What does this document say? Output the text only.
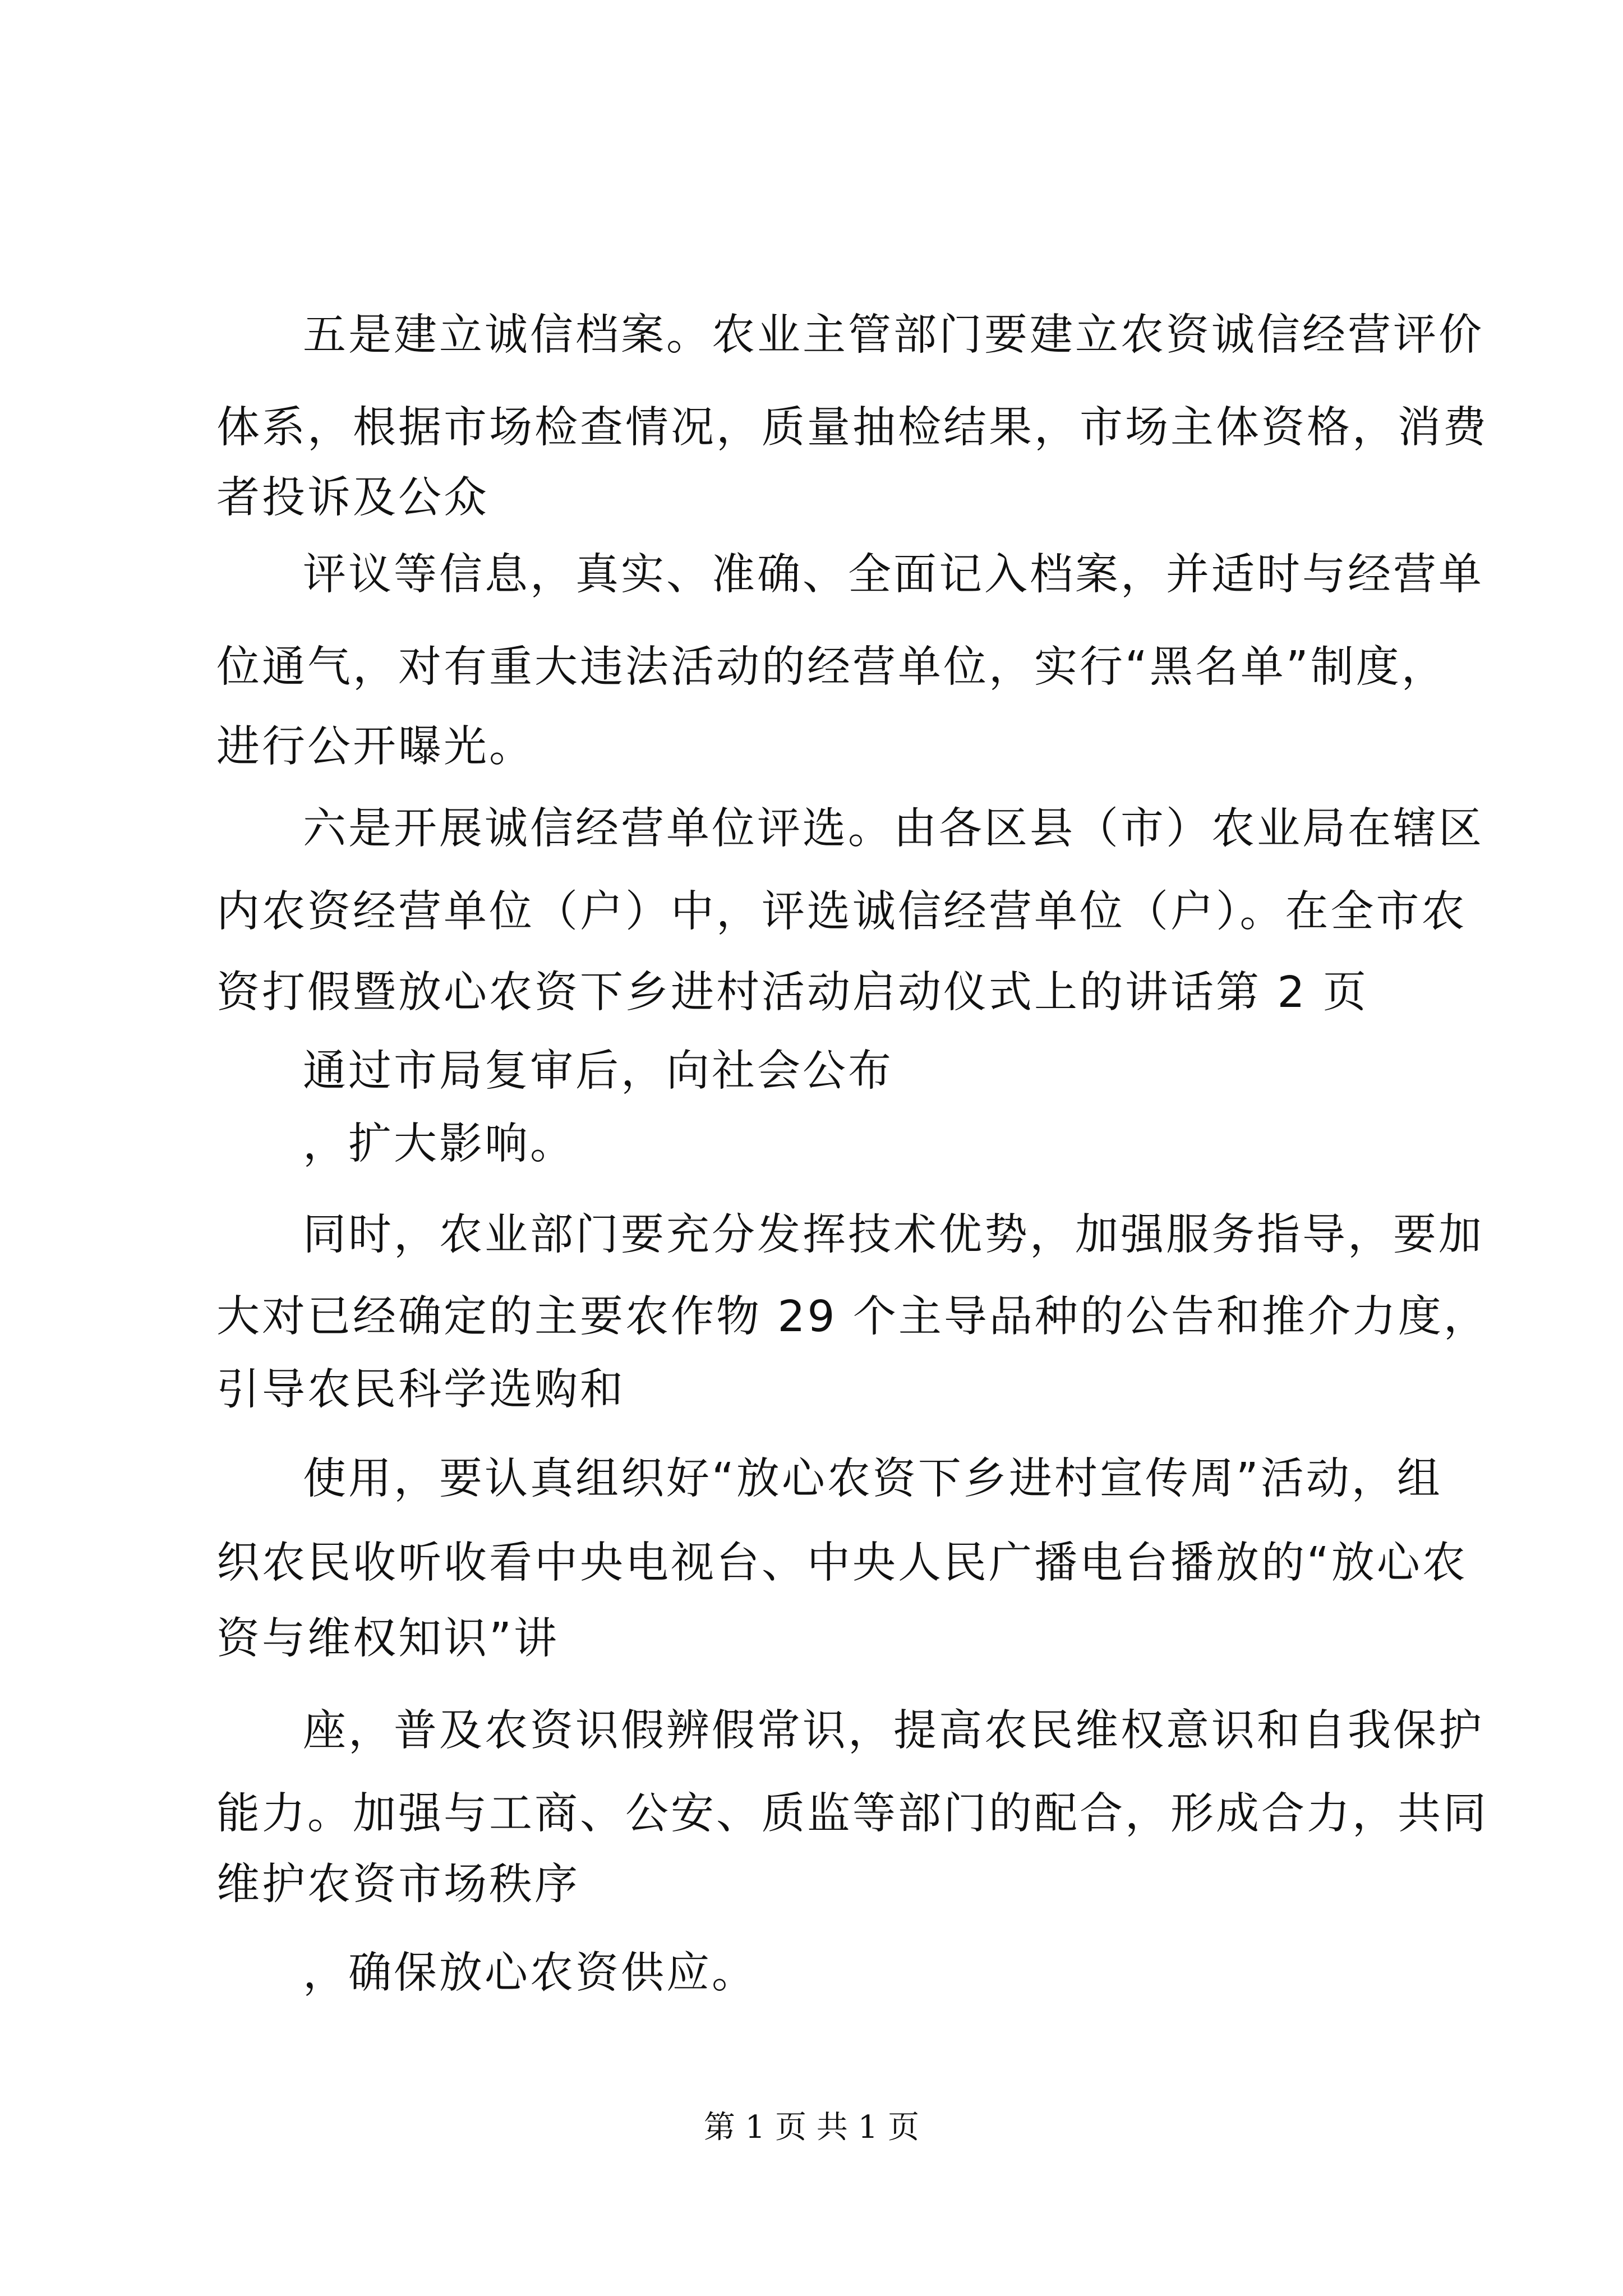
五是建立诚信档案。农业主管部门要建立农资诚信经营评价
体系，根据市场检查情况，质量抽检结果，市场主体资格，消费
者投诉及公众
评议等信息，真实、准确、全面记入档案，并适时与经营单
位通气，对有重大违法活动的经营单位，实行“黑名单”制度，
进行公开曝光。
六是开展诚信经营单位评选。由各区县（市）农业局在辖区
内农资经营单位（户）中，评选诚信经营单位（户）。在全市农
资打假暨放心农资下乡进村活动启动仪式上的讲话第 2 页
通过市局复审后，向社会公布
，扩大影响。
同时，农业部门要充分发挥技术优势，加强服务指导，要加
大对已经确定的主要农作物 29 个主导品种的公告和推介力度，
引导农民科学选购和
使用，要认真组织好“放心农资下乡进村宣传周”活动，组
织农民收听收看中央电视台、中央人民广播电台播放的“放心农
资与维权知识”讲
座，普及农资识假辨假常识，提高农民维权意识和自我保护
能力。加强与工商、公安、质监等部门的配合，形成合力，共同
维护农资市场秩序
，确保放心农资供应。
第 1 页 共 1 页
